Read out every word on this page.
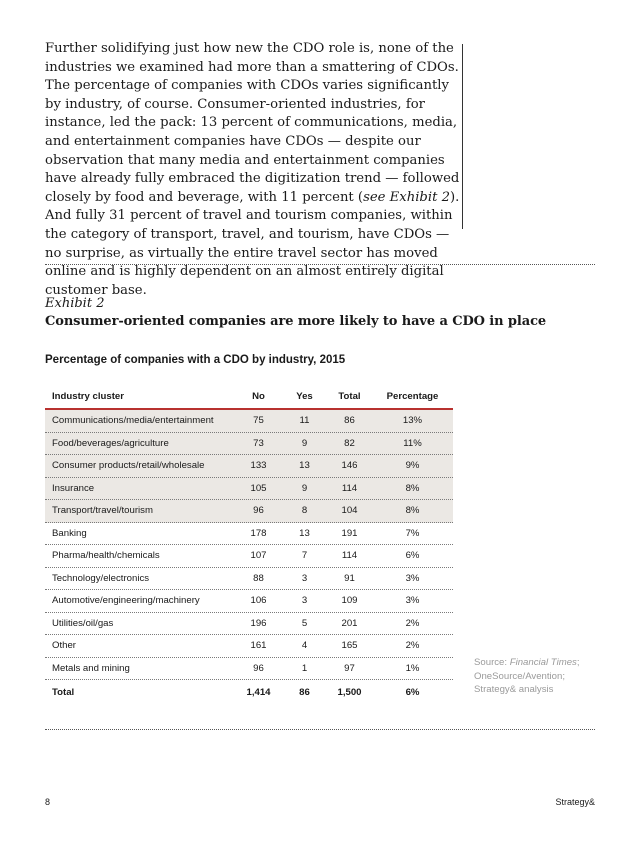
Further solidifying just how new the CDO role is, none of the industries we examined had more than a smattering of CDOs. The percentage of companies with CDOs varies significantly by industry, of course. Consumer-oriented industries, for instance, led the pack: 13 percent of communications, media, and entertainment companies have CDOs — despite our observation that many media and entertainment companies have already fully embraced the digitization trend — followed closely by food and beverage, with 11 percent (see Exhibit 2). And fully 31 percent of travel and tourism companies, within the category of transport, travel, and tourism, have CDOs — no surprise, as virtually the entire travel sector has moved online and is highly dependent on an almost entirely digital customer base.

Exhibit 2
Consumer-oriented companies are more likely to have a CDO in place
Percentage of companies with a CDO by industry, 2015
Industry cluster	No	Yes	Total	Percentage
Communications/media/entertainment	75	11	86	13%
Food/beverages/agriculture	73	9	82	11%
Consumer products/retail/wholesale	133	13	146	9%
Insurance	105	9	114	8%
Transport/travel/tourism	96	8	104	8%
Banking	178	13	191	7%
Pharma/health/chemicals	107	7	114	6%
Technology/electronics	88	3	91	3%
Automotive/engineering/machinery	106	3	109	3%
Utilities/oil/gas	196	5	201	2%
Other	161	4	165	2%
Metals and mining	96	1	97	1%
Total	1,414	86	1,500	6%
Source: Financial Times; OneSource/Avention; Strategy& analysis
8	Strategy&
